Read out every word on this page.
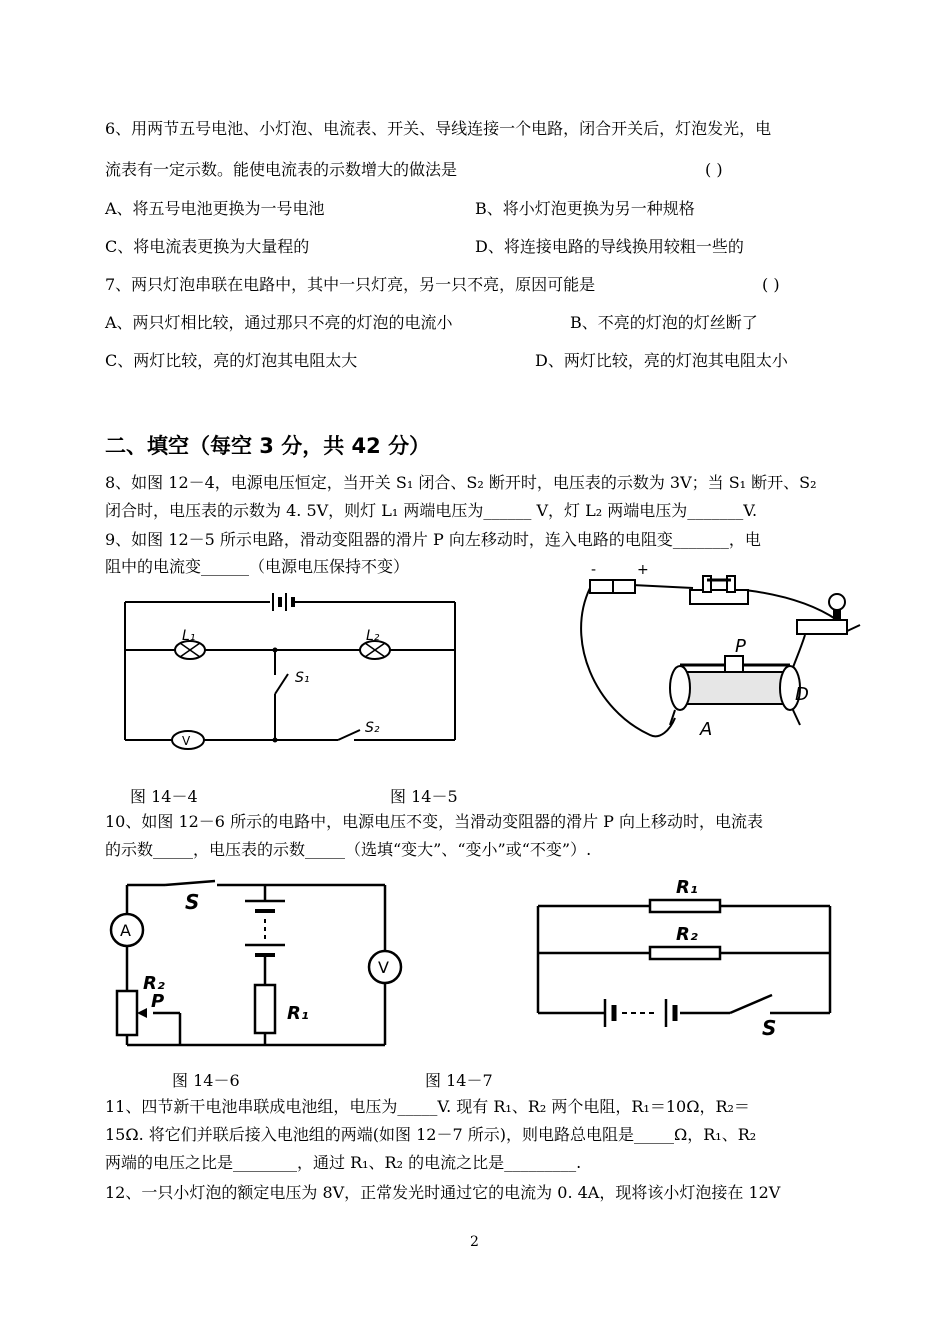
6、用两节五号电池、小灯泡、电流表、开关、导线连接一个电路，闭合开关后，灯泡发光，电
流表有一定示数。能使电流表的示数增大的做法是	( )
A、将五号电池更换为一号电池	B、将小灯泡更换为另一种规格
C、将电流表更换为大量程的	D、将连接电路的导线换用较粗一些的
7、两只灯泡串联在电路中，其中一只灯亮，另一只不亮，原因可能是	( )
A、两只灯相比较，通过那只不亮的灯泡的电流小	B、不亮的灯泡的灯丝断了
C、两灯比较，亮的灯泡其电阻太大	D、两灯比较，亮的灯泡其电阻太小
二、填空（每空 3 分，共 42 分）
8、如图 12－4，电源电压恒定，当开关 S₁ 闭合、S₂ 断开时，电压表的示数为 3V；当 S₁ 断开、S₂
闭合时，电压表的示数为 4. 5V，则灯 L₁ 两端电压为______ V，灯 L₂ 两端电压为_______V.
9、如图 12－5 所示电路，滑动变阻器的滑片 P 向左移动时，连入电路的电阻变_______，电
阻中的电流变______（电源电压保持不变）
L₁	L₂
S₁
S₂
V
-	+
P
A
D
图 14－4	图 14－5
10、如图 12－6 所示的电路中，电源电压不变，当滑动变阻器的滑片 P 向上移动时，电流表
的示数_____，电压表的示数_____（选填“变大”、“变小”或“不变”）.
A
V
S
R₁
R₂
P
R₁
R₂
S
图 14－6	图 14－7
11、四节新干电池串联成电池组，电压为_____V. 现有 R₁、R₂ 两个电阻，R₁＝10Ω，R₂＝
15Ω. 将它们并联后接入电池组的两端(如图 12－7 所示)，则电路总电阻是_____Ω，R₁、R₂
两端的电压之比是________，通过 R₁、R₂ 的电流之比是_________.
12、一只小灯泡的额定电压为 8V，正常发光时通过它的电流为 0. 4A，现将该小灯泡接在 12V
2
